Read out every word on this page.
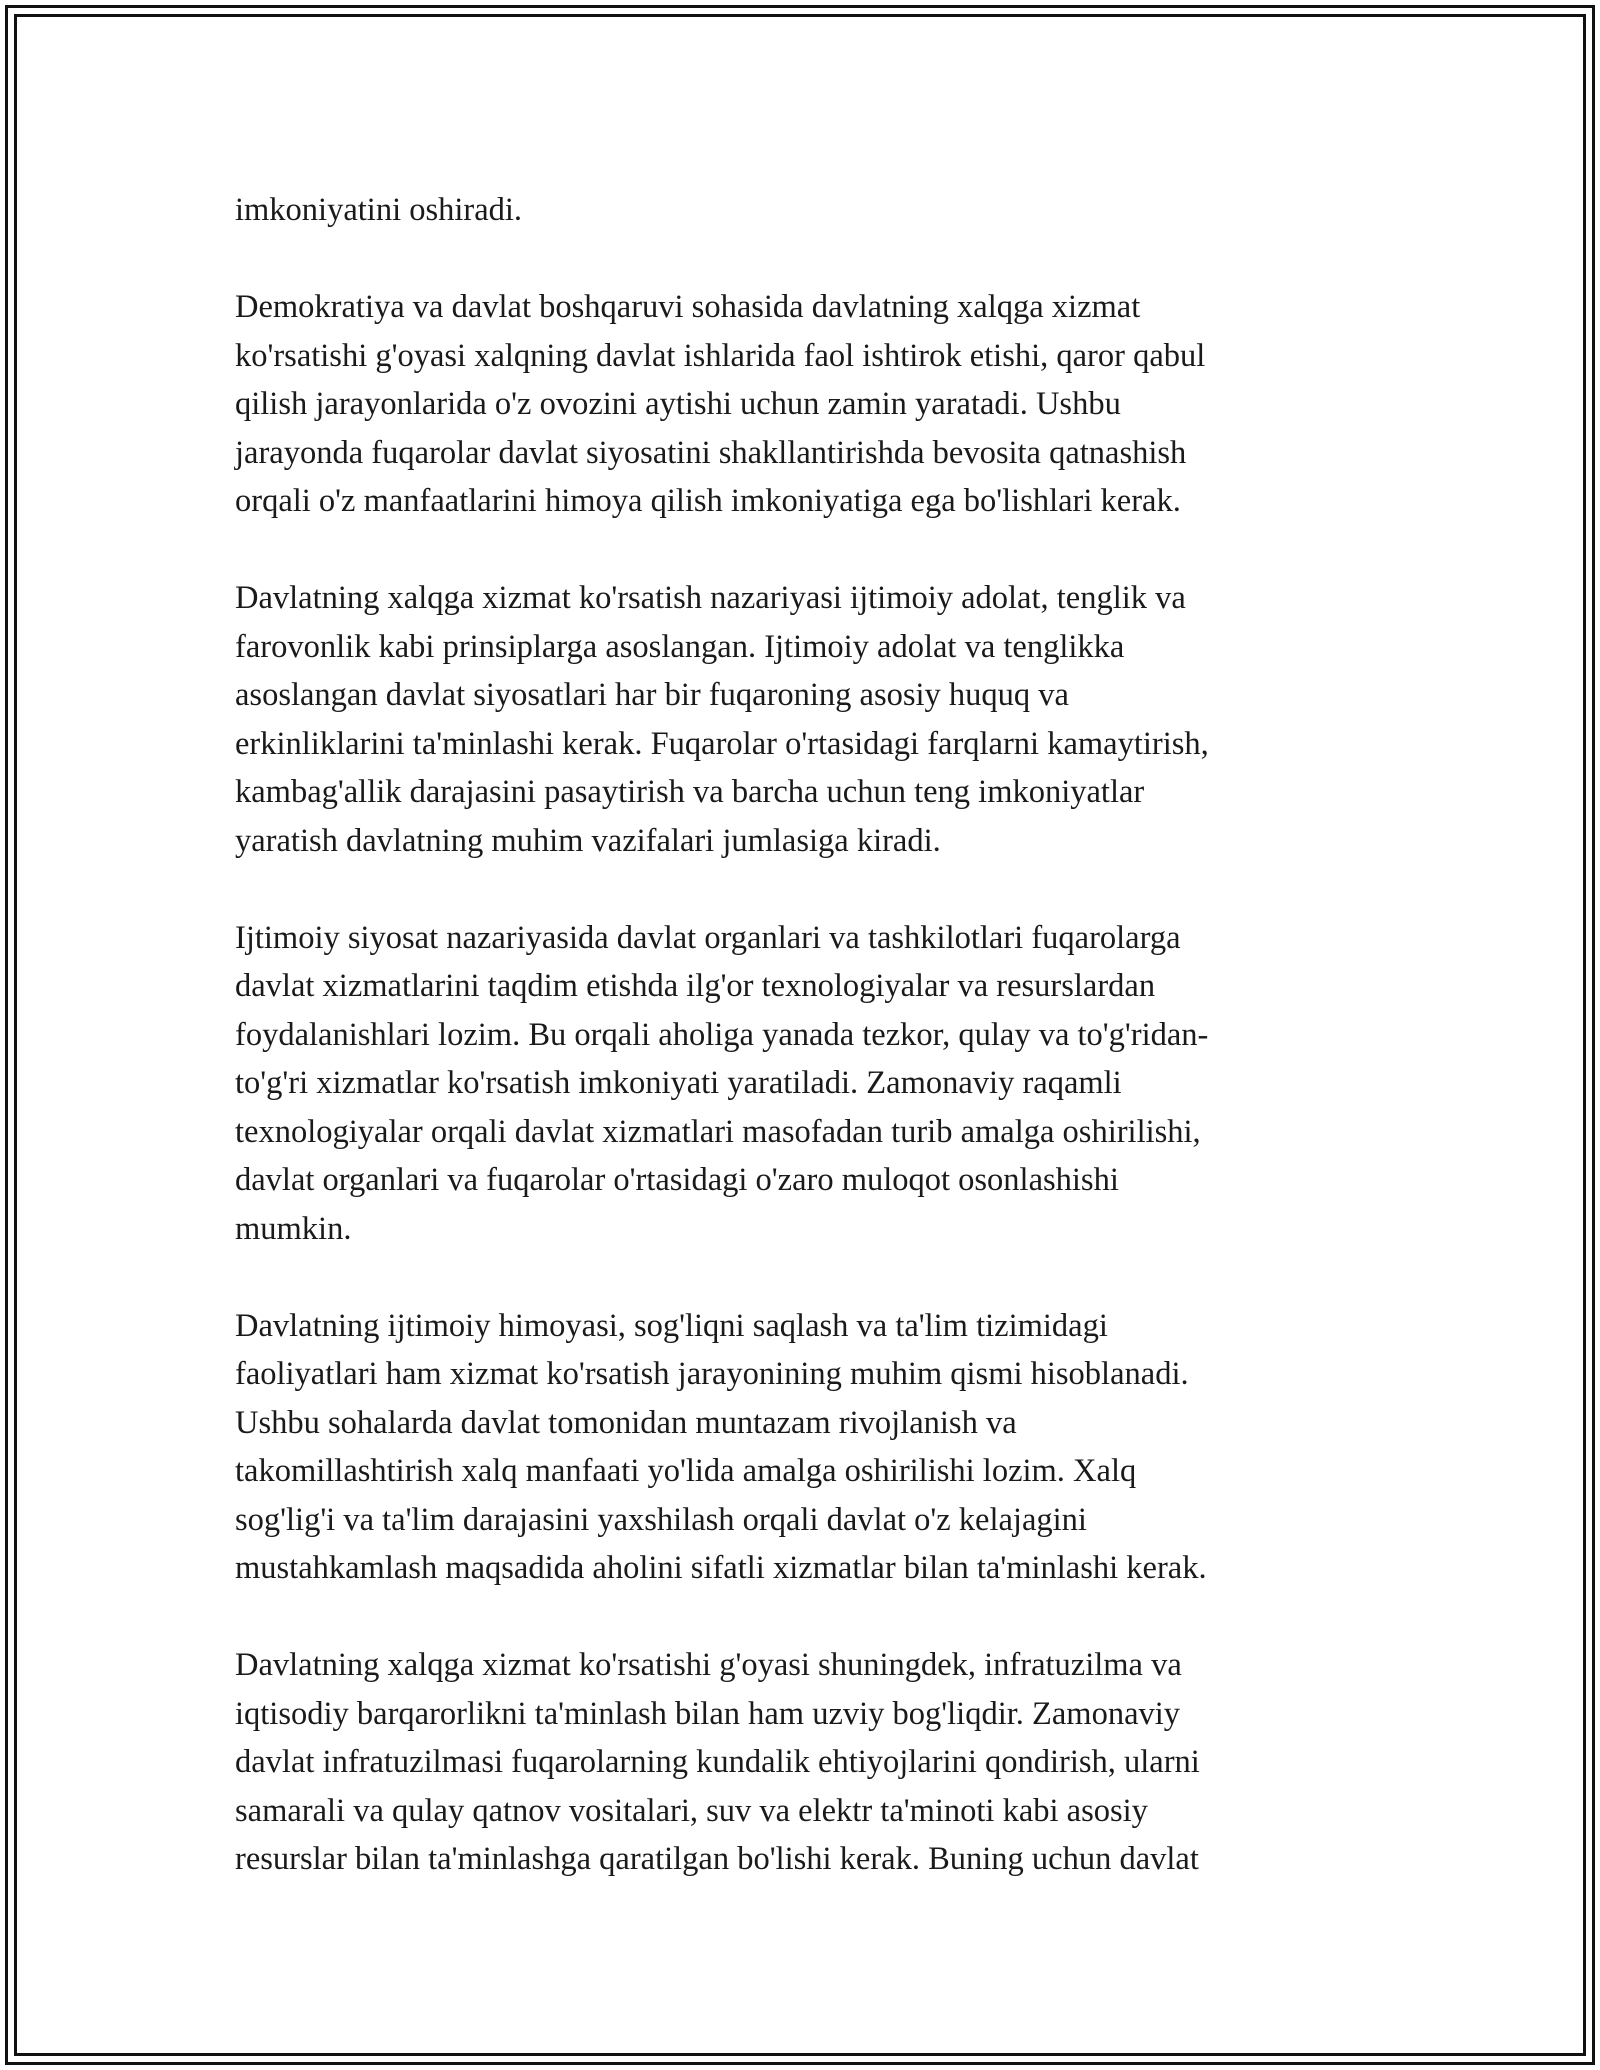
imkoniyatini oshiradi.

Demokratiya va davlat boshqaruvi sohasida davlatning xalqga xizmat
ko'rsatishi g'oyasi xalqning davlat ishlarida faol ishtirok etishi, qaror qabul
qilish jarayonlarida o'z ovozini aytishi uchun zamin yaratadi. Ushbu
jarayonda fuqarolar davlat siyosatini shakllantirishda bevosita qatnashish
orqali o'z manfaatlarini himoya qilish imkoniyatiga ega bo'lishlari kerak.

Davlatning xalqga xizmat ko'rsatish nazariyasi ijtimoiy adolat, tenglik va
farovonlik kabi prinsiplarga asoslangan. Ijtimoiy adolat va tenglikka
asoslangan davlat siyosatlari har bir fuqaroning asosiy huquq va
erkinliklarini ta'minlashi kerak. Fuqarolar o'rtasidagi farqlarni kamaytirish,
kambag'allik darajasini pasaytirish va barcha uchun teng imkoniyatlar
yaratish davlatning muhim vazifalari jumlasiga kiradi.

Ijtimoiy siyosat nazariyasida davlat organlari va tashkilotlari fuqarolarga
davlat xizmatlarini taqdim etishda ilg'or texnologiyalar va resurslardan
foydalanishlari lozim. Bu orqali aholiga yanada tezkor, qulay va to'g'ridan-
to'g'ri xizmatlar ko'rsatish imkoniyati yaratiladi. Zamonaviy raqamli
texnologiyalar orqali davlat xizmatlari masofadan turib amalga oshirilishi,
davlat organlari va fuqarolar o'rtasidagi o'zaro muloqot osonlashishi
mumkin.

Davlatning ijtimoiy himoyasi, sog'liqni saqlash va ta'lim tizimidagi
faoliyatlari ham xizmat ko'rsatish jarayonining muhim qismi hisoblanadi.
Ushbu sohalarda davlat tomonidan muntazam rivojlanish va
takomillashtirish xalq manfaati yo'lida amalga oshirilishi lozim. Xalq
sog'lig'i va ta'lim darajasini yaxshilash orqali davlat o'z kelajagini
mustahkamlash maqsadida aholini sifatli xizmatlar bilan ta'minlashi kerak.

Davlatning xalqga xizmat ko'rsatishi g'oyasi shuningdek, infratuzilma va
iqtisodiy barqarorlikni ta'minlash bilan ham uzviy bog'liqdir. Zamonaviy
davlat infratuzilmasi fuqarolarning kundalik ehtiyojlarini qondirish, ularni
samarali va qulay qatnov vositalari, suv va elektr ta'minoti kabi asosiy
resurslar bilan ta'minlashga qaratilgan bo'lishi kerak. Buning uchun davlat
